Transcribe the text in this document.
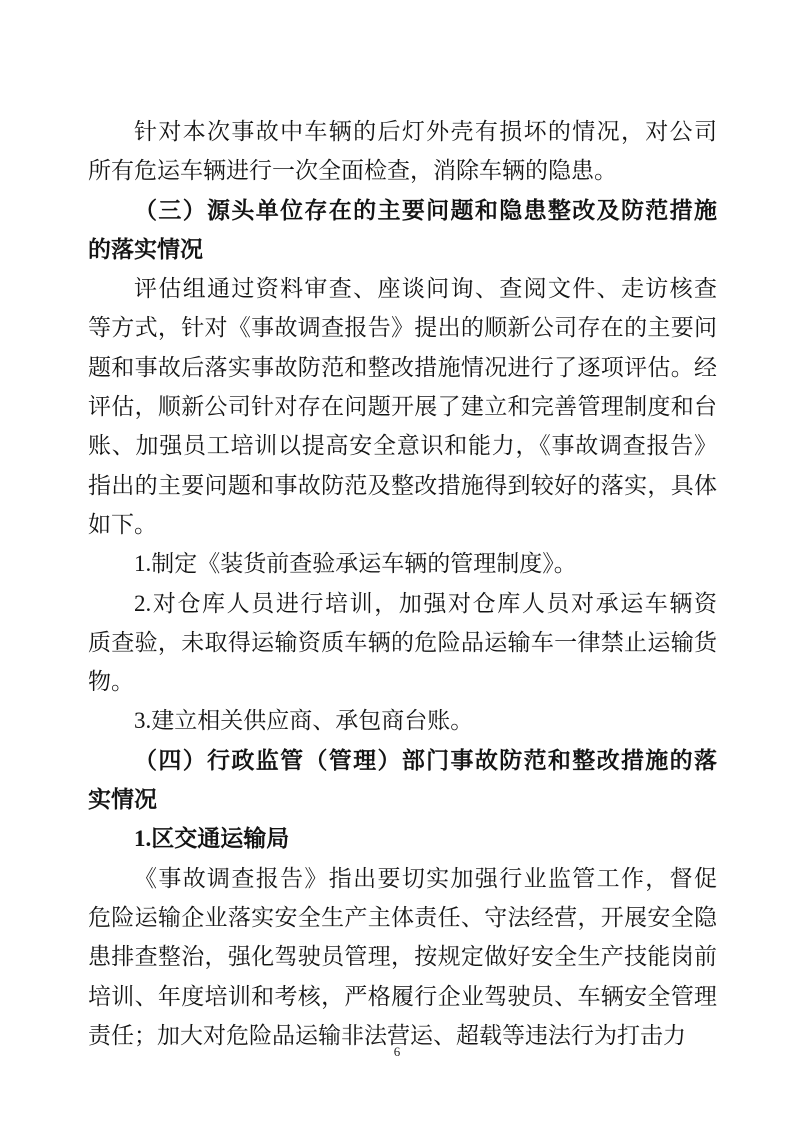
针对本次事故中车辆的后灯外壳有损坏的情况，对公司
所有危运车辆进行一次全面检查，消除车辆的隐患。
（三）源头单位存在的主要问题和隐患整改及防范措施
的落实情况
评估组通过资料审查、座谈问询、查阅文件、走访核查
等方式，针对《事故调查报告》提出的顺新公司存在的主要问
题和事故后落实事故防范和整改措施情况进行了逐项评估。经
评估，顺新公司针对存在问题开展了建立和完善管理制度和台
账、加强员工培训以提高安全意识和能力，《事故调查报告》
指出的主要问题和事故防范及整改措施得到较好的落实，具体
如下。
1.制定《装货前查验承运车辆的管理制度》。
2.对仓库人员进行培训，加强对仓库人员对承运车辆资
质查验，未取得运输资质车辆的危险品运输车一律禁止运输货
物。
3.建立相关供应商、承包商台账。
（四）行政监管（管理）部门事故防范和整改措施的落
实情况
1.区交通运输局
《事故调查报告》指出要切实加强行业监管工作，督促
危险运输企业落实安全生产主体责任、守法经营，开展安全隐
患排查整治，强化驾驶员管理，按规定做好安全生产技能岗前
培训、年度培训和考核，严格履行企业驾驶员、车辆安全管理
责任；加大对危险品运输非法营运、超载等违法行为打击力
6
